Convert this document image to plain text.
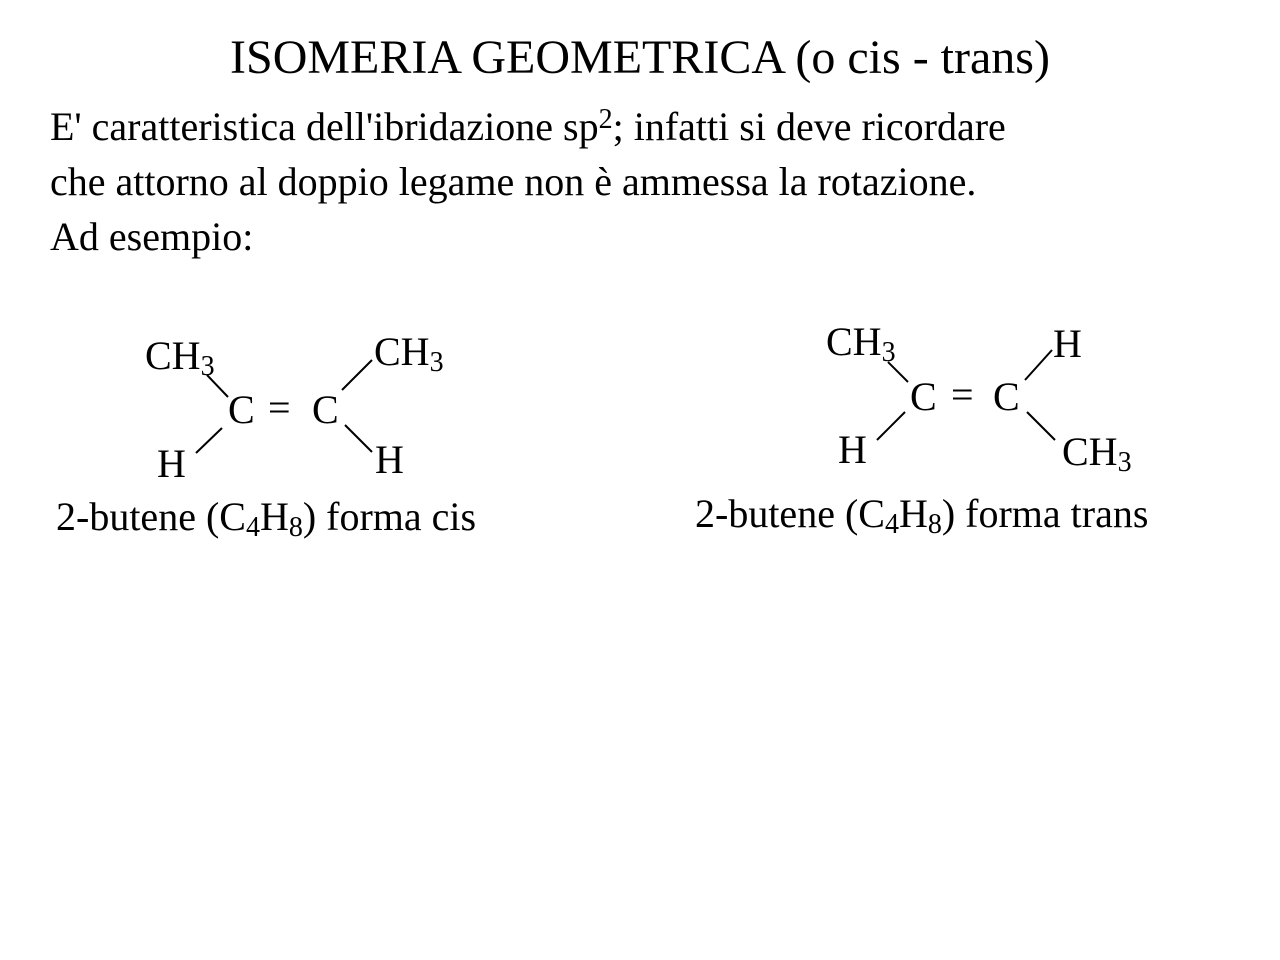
ISOMERIA GEOMETRICA (o cis - trans)
E' caratteristica dell'ibridazione $sp^2$; infatti si deve ricordare
che attorno al doppio legame non è ammessa la rotazione.
Ad esempio:
CH3	CH3
C = C
H	H
2-butene (C4H8) forma cis
CH3	H
C = C
H	CH3
2-butene (C4H8) forma trans
